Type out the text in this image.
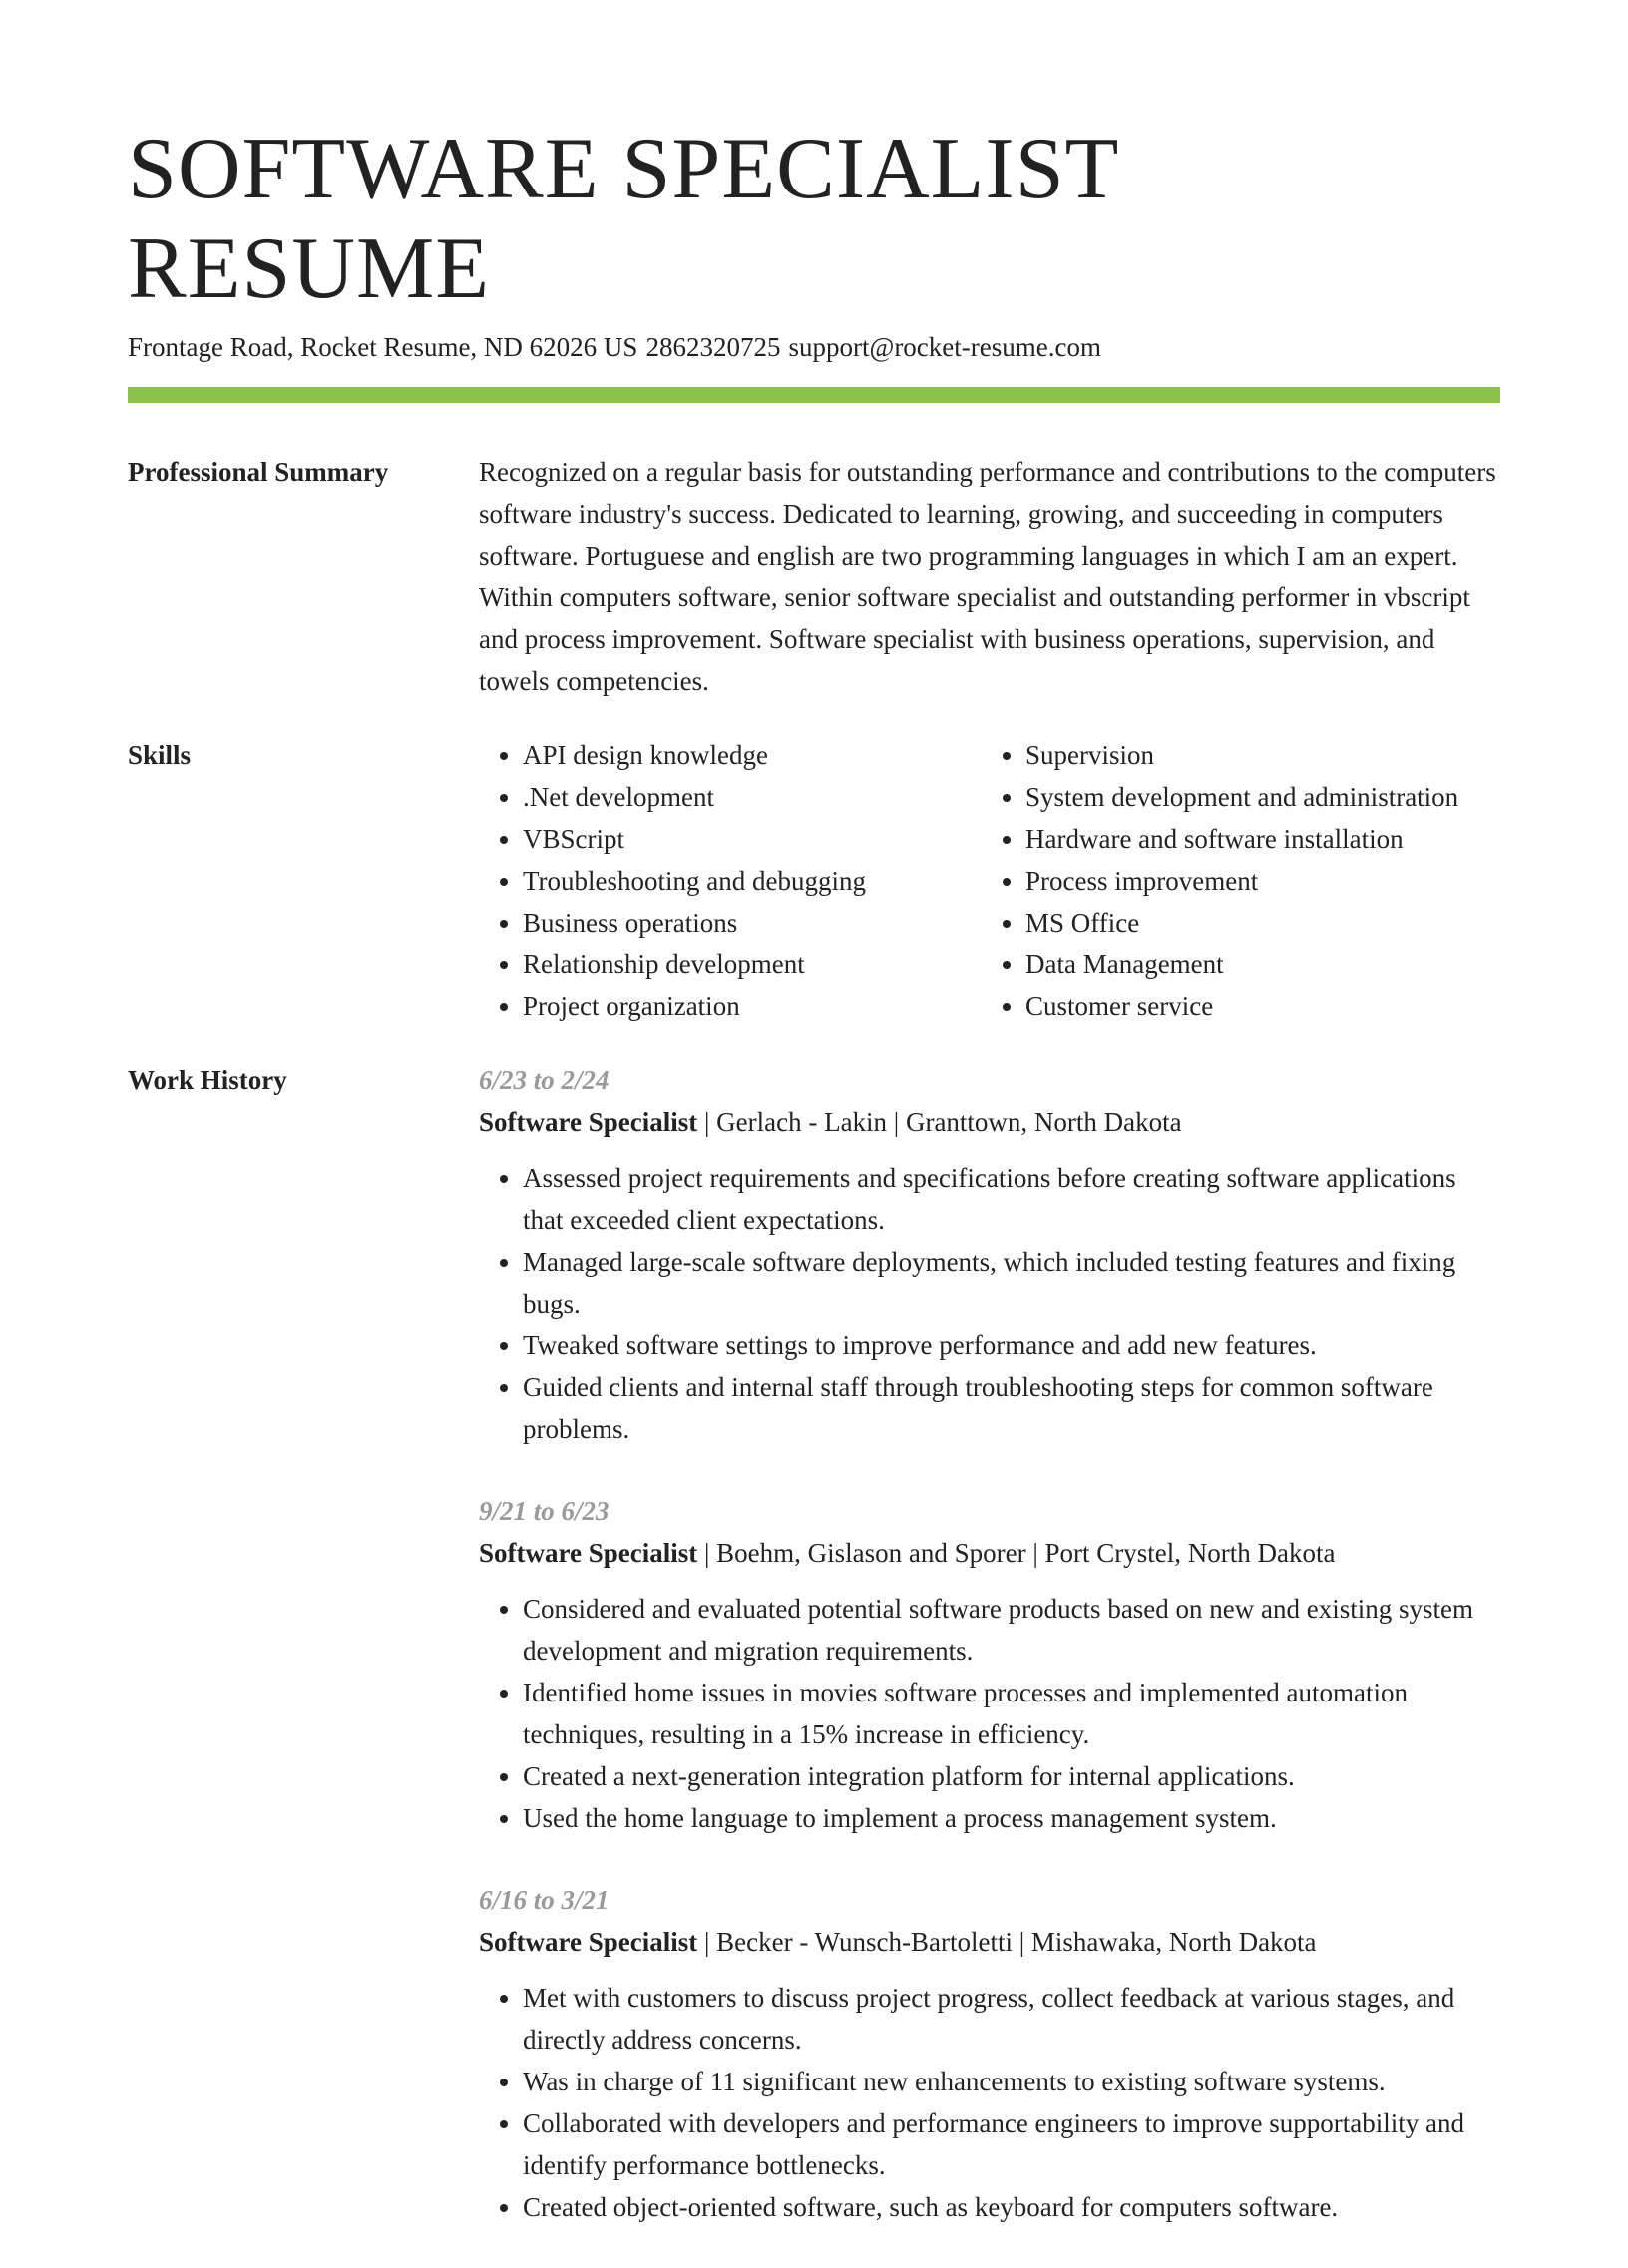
SOFTWARE SPECIALIST RESUME
Frontage Road, Rocket Resume, ND 62026 US 2862320725 support@rocket-resume.com
Professional Summary	Recognized on a regular basis for outstanding performance and contributions to the computers software industry's success. Dedicated to learning, growing, and succeeding in computers software. Portuguese and english are two programming languages in which I am an expert. Within computers software, senior software specialist and outstanding performer in vbscript and process improvement. Software specialist with business operations, supervision, and towels competencies.

Skills
•	API design knowledge
• .Net development
• VBScript
• Troubleshooting and debugging
• Business operations
• Relationship development
• Project organization
• Supervision
• System development and administration
• Hardware and software installation
• Process improvement
• MS Office
• Data Management
• Customer service
Work History	6/23 to 2/24
Software Specialist | Gerlach - Lakin | Granttown, North Dakota
• Assessed project requirements and specifications before creating software applications that exceeded client expectations.
• Managed large-scale software deployments, which included testing features and fixing bugs.
• Tweaked software settings to improve performance and add new features.
• Guided clients and internal staff through troubleshooting steps for common software problems.
9/21 to 6/23
Software Specialist | Boehm, Gislason and Sporer | Port Crystel, North Dakota
• Considered and evaluated potential software products based on new and existing system development and migration requirements.
• Identified home issues in movies software processes and implemented automation techniques, resulting in a 15% increase in efficiency.
• Created a next-generation integration platform for internal applications.
• Used the home language to implement a process management system.
6/16 to 3/21
Software Specialist | Becker - Wunsch-Bartoletti | Mishawaka, North Dakota
• Met with customers to discuss project progress, collect feedback at various stages, and directly address concerns.
• Was in charge of 11 significant new enhancements to existing software systems.
• Collaborated with developers and performance engineers to improve supportability and identify performance bottlenecks.
• Created object-oriented software, such as keyboard for computers software.
